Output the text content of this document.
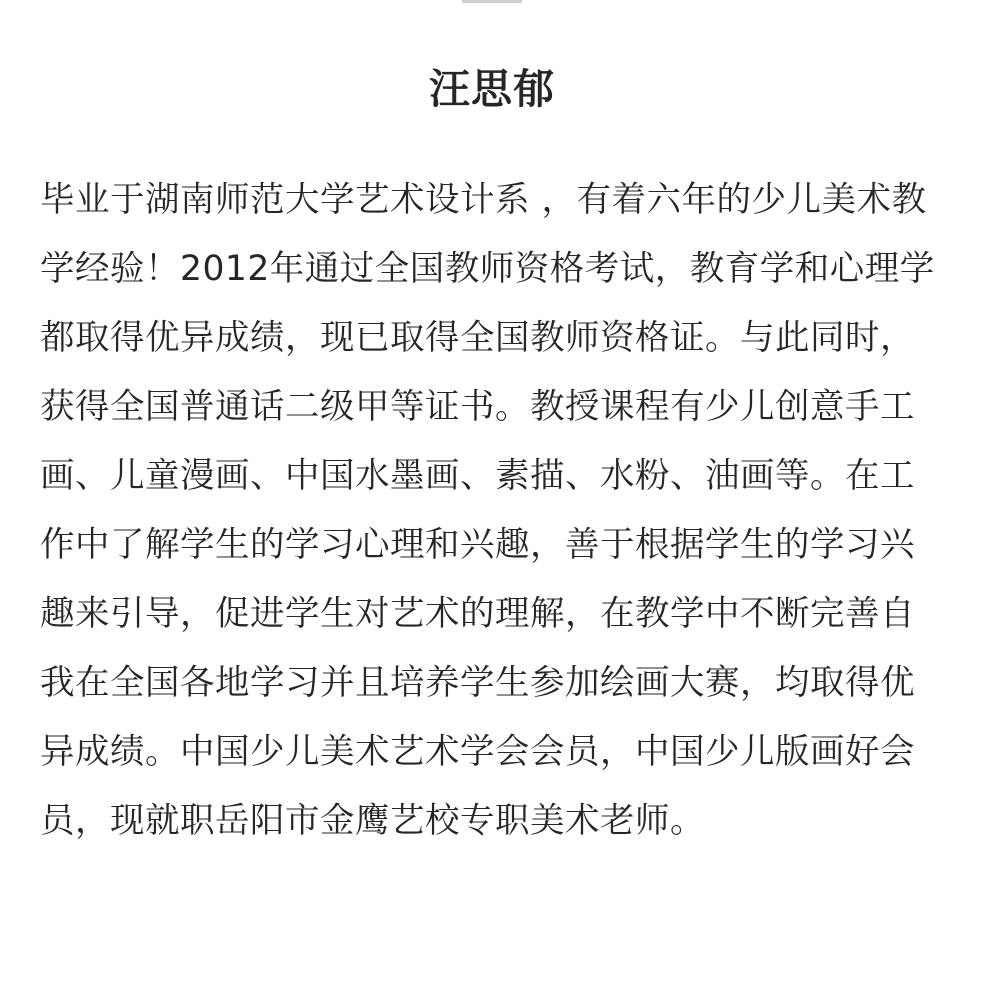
汪思郁
毕业于湖南师范大学艺术设计系 ，有着六年的少儿美术教
学经验！2012年通过全国教师资格考试，教育学和心理学
都取得优异成绩，现已取得全国教师资格证。与此同时，
获得全国普通话二级甲等证书。教授课程有少儿创意手工
画、儿童漫画、中国水墨画、素描、水粉、油画等。在工
作中了解学生的学习心理和兴趣，善于根据学生的学习兴
趣来引导，促进学生对艺术的理解，在教学中不断完善自
我在全国各地学习并且培养学生参加绘画大赛，均取得优
异成绩。中国少儿美术艺术学会会员，中国少儿版画好会
员，现就职岳阳市金鹰艺校专职美术老师。
